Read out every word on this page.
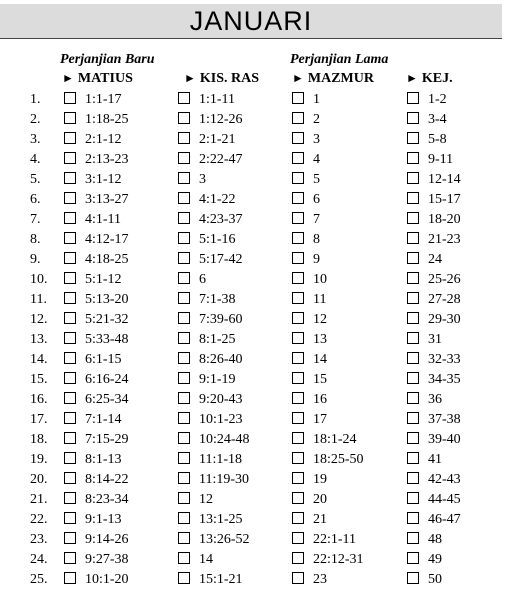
JANUARI
Perjanjian Baru	Perjanjian Lama
► MATIUS	► KIS. RAS	► MAZMUR	► KEJ.
1.	1:1-17	1:1-11	1	1-2
2.	1:18-25	1:12-26	2	3-4
3.	2:1-12	2:1-21	3	5-8
4.	2:13-23	2:22-47	4	9-11
5.	3:1-12	3	5	12-14
6.	3:13-27	4:1-22	6	15-17
7.	4:1-11	4:23-37	7	18-20
8.	4:12-17	5:1-16	8	21-23
9.	4:18-25	5:17-42	9	24
10.	5:1-12	6	10	25-26
11.	5:13-20	7:1-38	11	27-28
12.	5:21-32	7:39-60	12	29-30
13.	5:33-48	8:1-25	13	31
14.	6:1-15	8:26-40	14	32-33
15.	6:16-24	9:1-19	15	34-35
16.	6:25-34	9:20-43	16	36
17.	7:1-14	10:1-23	17	37-38
18.	7:15-29	10:24-48	18:1-24	39-40
19.	8:1-13	11:1-18	18:25-50	41
20.	8:14-22	11:19-30	19	42-43
21.	8:23-34	12	20	44-45
22.	9:1-13	13:1-25	21	46-47
23.	9:14-26	13:26-52	22:1-11	48
24.	9:27-38	14	22:12-31	49
25.	10:1-20	15:1-21	23	50
